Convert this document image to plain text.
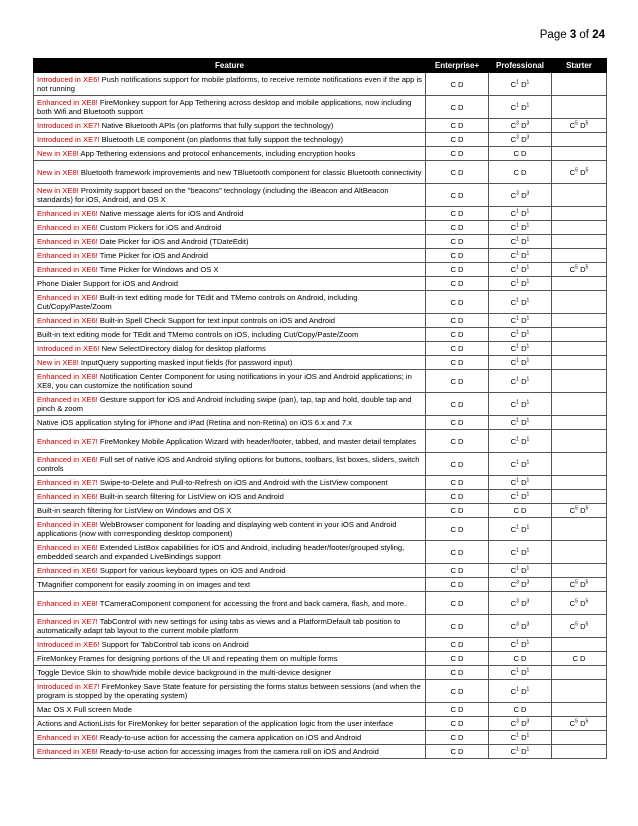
Page 3 of 24
Feature	Enterprise+	Professional	Starter
Introduced in XE6! Push notifications support for mobile platforms, to receive remote notifications even if the app is not running	C D	$C^1$ $D^1$	
Enhanced in XE8! FireMonkey support for App Tethering across desktop and mobile applications, now including both Wifi and Bluetooth support	C D	$C^1$ $D^1$	
Introduced in XE7! Native Bluetooth APIs (on platforms that fully support the technology)	C D	$C^3$ $D^3$	$C^5$ $D^5$
Introduced in XE7! Bluetooth LE component (on platforms that fully support the technology)	C D	$C^3$ $D^3$	
New in XE8! App Tethering extensions and protocol enhancements, including encryption hooks	C D	C D	
New in XE8! Bluetooth framework improvements and new TBluetooth component for classic Bluetooth connectivity	C D	C D	$C^5$ $D^5$
New in XE8! Proximity support based on the "beacons" technology (including the iBeacon and AltBeacon standards) for iOS, Android, and OS X	C D	$C^3$ $D^3$	
Enhanced in XE6! Native message alerts for iOS and Android	C D	$C^1$ $D^1$	
Enhanced in XE6! Custom Pickers for iOS and Android	C D	$C^1$ $D^1$	
Enhanced in XE6! Date Picker for iOS and Android (TDateEdit)	C D	$C^1$ $D^1$	
Enhanced in XE6! Time Picker for iOS and Android	C D	$C^1$ $D^1$	
Enhanced in XE6! Time Picker for Windows and OS X	C D	$C^1$ $D^1$	$C^5$ $D^5$
Phone Dialer Support for iOS and Android	C D	$C^1$ $D^1$	
Enhanced in XE6! Built-in text editing mode for TEdit and TMemo controls on Android, including Cut/Copy/Paste/Zoom	C D	$C^1$ $D^1$	
Enhanced in XE6! Built-in Spell Check Support for text input controls on iOS and Android	C D	$C^1$ $D^1$	
Built-in text editing mode for TEdit and TMemo controls on iOS, including Cut/Copy/Paste/Zoom	C D	$C^1$ $D^1$	
Introduced in XE6! New SelectDirectory dialog for desktop platforms	C D	$C^1$ $D^1$	
New in XE8! InputQuery supporting masked input fields (for password input)	C D	$C^1$ $D^1$	
Enhanced in XE8! Notification Center Component for using notifications in your iOS and Android applications; in XE8, you can customize the notification sound	C D	$C^1$ $D^1$	
Enhanced in XE6! Gesture support for iOS and Android including swipe (pan), tap, tap and hold, double tap and pinch & zoom	C D	$C^1$ $D^1$	
Native iOS application styling for iPhone and iPad (Retina and non-Retina) on iOS 6.x and 7.x	C D	$C^1$ $D^1$	
Enhanced in XE7! FireMonkey Mobile Application Wizard with header/footer, tabbed, and master detail templates	C D	$C^1$ $D^1$	
Enhanced in XE6! Full set of native iOS and Android styling options for buttons, toolbars, list boxes, sliders, switch controls	C D	$C^1$ $D^1$	
Enhanced in XE7! Swipe-to-Delete and Pull-to-Refresh on iOS and Android with the ListView component	C D	$C^1$ $D^1$	
Enhanced in XE6! Built-in search filtering for ListView on iOS and Android	C D	$C^1$ $D^1$	
Built-in search filtering for ListView on Windows and OS X	C D	C D	$C^5$ $D^5$
Enhanced in XE8! WebBrowser component for loading and displaying web content in your iOS and Android applications (now with corresponding desktop component)	C D	$C^1$ $D^1$	
Enhanced in XE6! Extended ListBox capabilities for iOS and Android, including header/footer/grouped styling, embedded search and expanded LiveBindings support	C D	$C^1$ $D^1$	
Enhanced in XE6! Support for various keyboard types on iOS and Android	C D	$C^1$ $D^1$	
TMagnifier component for easily zooming in on images and text	C D	$C^3$ $D^3$	$C^5$ $D^5$
Enhanced in XE8! TCameraComponent component for accessing the front and back camera, flash, and more.	C D	$C^3$ $D^3$	$C^5$ $D^5$
Enhanced in XE7! TabControl with new settings for using tabs as views and a PlatformDefault tab position to automatically adapt tab layout to the current mobile platform	C D	$C^3$ $D^3$	$C^5$ $D^5$
Introduced in XE6! Support for TabControl tab icons on Android	C D	$C^1$ $D^1$	
FireMonkey Frames for designing portions of the UI and repeating them on multiple forms	C D	C D	C D
Toggle Device Skin to show/hide mobile device background in the multi-device designer	C D	$C^1$ $D^1$	
Introduced in XE7! FireMonkey Save State feature for persisting the forms status between sessions (and when the program is stopped by the operating system)	C D	$C^1$ $D^1$	
Mac OS X Full screen Mode	C D	C D	
Actions and ActionLists for FireMonkey for better separation of the application logic from the user interface	C D	$C^3$ $D^3$	$C^5$ $D^5$
Enhanced in XE6! Ready-to-use action for accessing the camera application on iOS and Android	C D	$C^1$ $D^1$	
Enhanced in XE6! Ready-to-use action for accessing images from the camera roll on iOS and Android	C D	$C^1$ $D^1$	
